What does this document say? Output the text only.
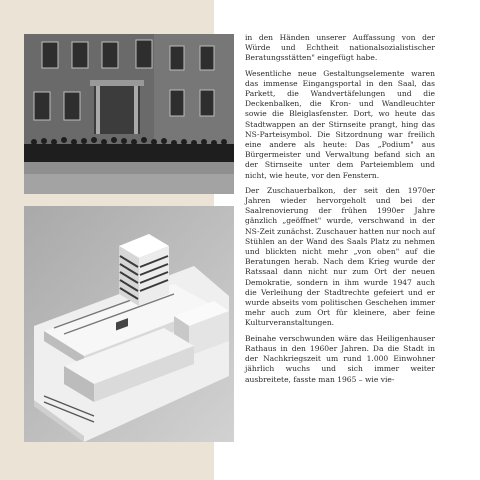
in den Händen unserer Auffassung von der Würde und Echtheit nationalsozialistischer Beratungsstätten" eingefügt habe.

Wesentliche neue Gestaltungselemente waren das immense Eingangsportal in den Saal, das Parkett, die Wandvertäfelungen und die Deckenbalken, die Kron- und Wandleuchter sowie die Bleiglasfenster. Dort, wo heute das Stadtwappen an der Stirnseite prangt, hing das NS-Parteisymbol. Die Sitzordnung war freilich eine andere als heute: Das „Podium" aus Bürgermeister und Verwaltung befand sich an der Stirnseite unter dem Parteiemblem und nicht, wie heute, vor den Fenstern.

Der Zuschauerbalkon, der seit den 1970er Jahren wieder hervorgeholt und bei der Saalrenovierung der frühen 1990er Jahre gänzlich „geöffnet" wurde, verschwand in der NS-Zeit zunächst. Zuschauer hatten nur noch auf Stühlen an der Wand des Saals Platz zu nehmen und blickten nicht mehr „von oben" auf die Beratungen herab. Nach dem Krieg wurde der Ratssaal dann nicht nur zum Ort der neuen Demokratie, sondern in ihm wurde 1947 auch die Verleihung der Stadtrechte gefeiert und er wurde abseits vom politischen Geschehen immer mehr auch zum Ort für kleinere, aber feine Kulturveranstaltungen.

Beinahe verschwunden wäre das Heiligenhauser Rathaus in den 1960er Jahren. Da die Stadt in der Nachkriegszeit um rund 1.000 Einwohner jährlich wuchs und sich immer weiter ausbreitete, fasste man 1965 – wie vie-
